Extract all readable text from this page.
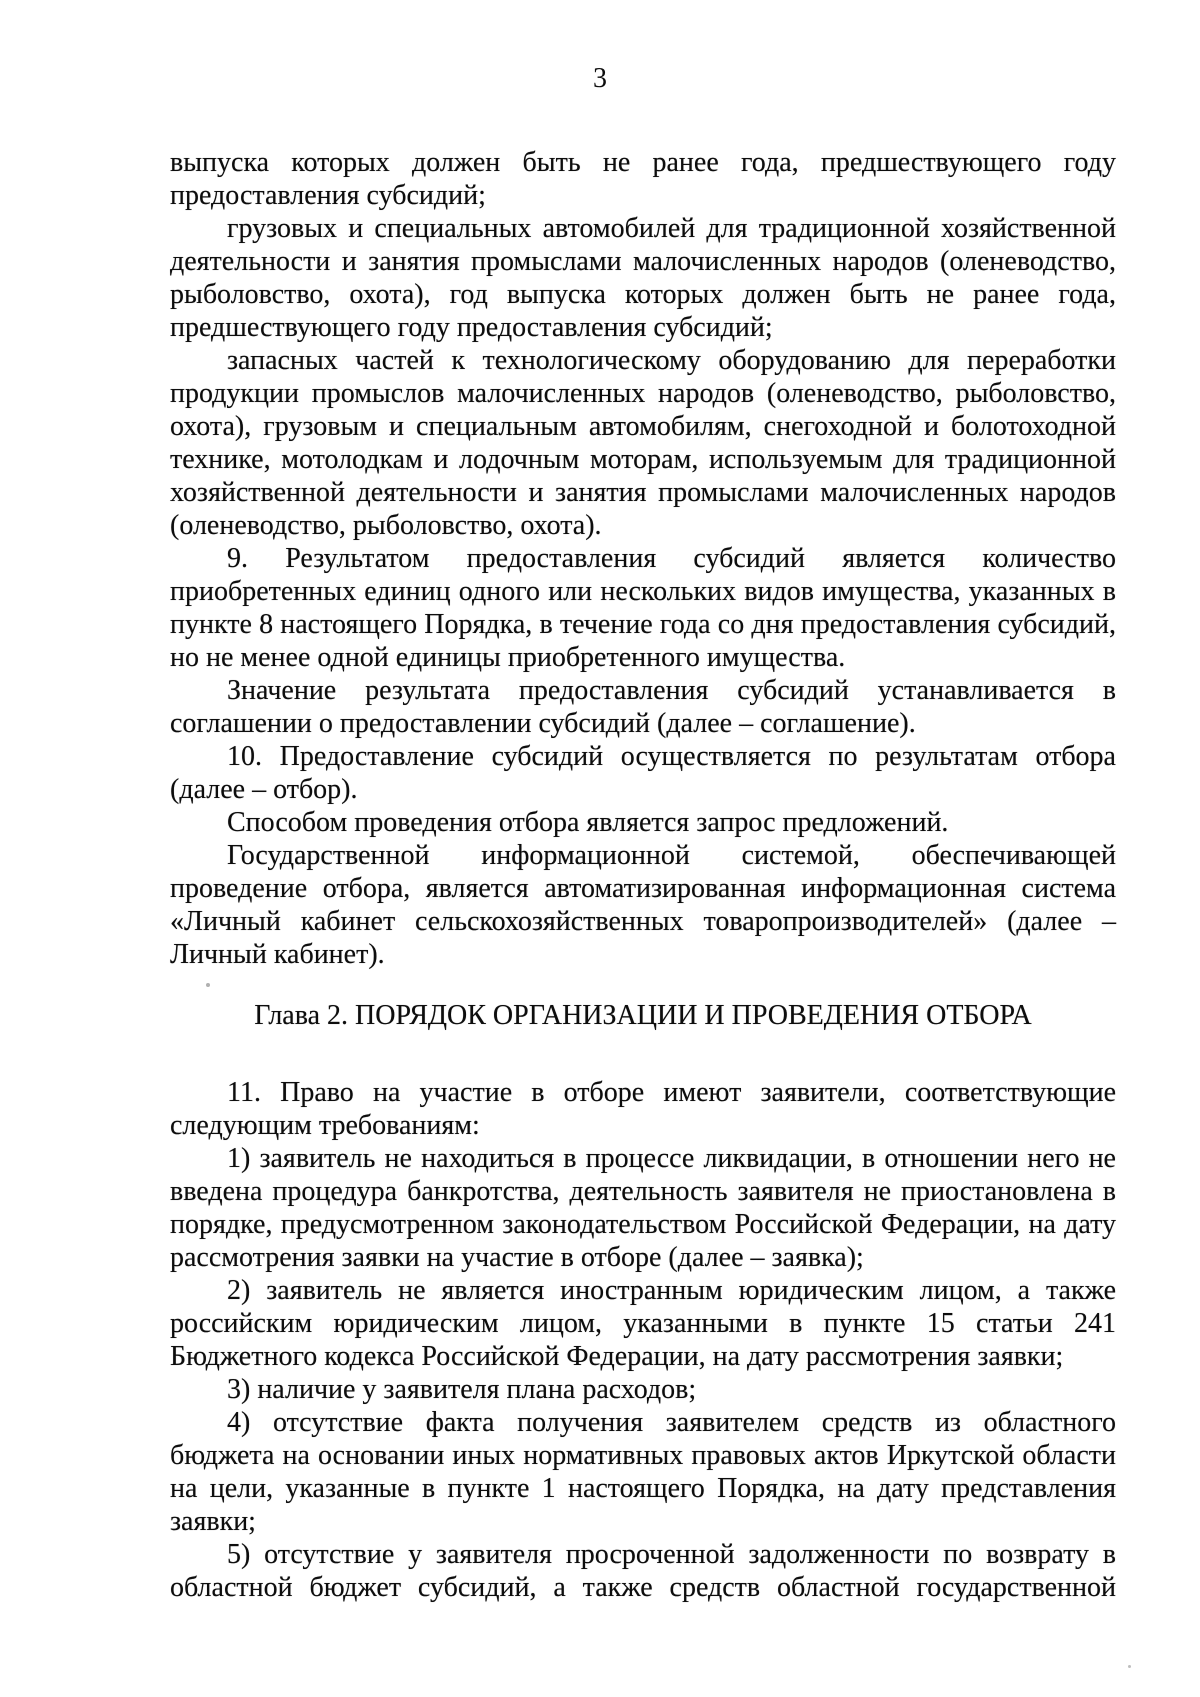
3

выпуска которых должен быть не ранее года, предшествующего году предоставления субсидий;

грузовых и специальных автомобилей для традиционной хозяйственной деятельности и занятия промыслами малочисленных народов (оленеводство, рыболовство, охота), год выпуска которых должен быть не ранее года, предшествующего году предоставления субсидий;

запасных частей к технологическому оборудованию для переработки продукции промыслов малочисленных народов (оленеводство, рыболовство, охота), грузовым и специальным автомобилям, снегоходной и болотоходной технике, мотолодкам и лодочным моторам, используемым для традиционной хозяйственной деятельности и занятия промыслами малочисленных народов (оленеводство, рыболовство, охота).

9. Результатом предоставления субсидий является количество приобретенных единиц одного или нескольких видов имущества, указанных в пункте 8 настоящего Порядка, в течение года со дня предоставления субсидий, но не менее одной единицы приобретенного имущества.

Значение результата предоставления субсидий устанавливается в соглашении о предоставлении субсидий (далее – соглашение).

10. Предоставление субсидий осуществляется по результатам отбора (далее – отбор).

Способом проведения отбора является запрос предложений.

Государственной информационной системой, обеспечивающей проведение отбора, является автоматизированная информационная система «Личный кабинет сельскохозяйственных товаропроизводителей» (далее – Личный кабинет).

Глава 2. ПОРЯДОК ОРГАНИЗАЦИИ И ПРОВЕДЕНИЯ ОТБОРА

11. Право на участие в отборе имеют заявители, соответствующие следующим требованиям:

1) заявитель не находиться в процессе ликвидации, в отношении него не введена процедура банкротства, деятельность заявителя не приостановлена в порядке, предусмотренном законодательством Российской Федерации, на дату рассмотрения заявки на участие в отборе (далее – заявка);

2) заявитель не является иностранным юридическим лицом, а также российским юридическим лицом, указанными в пункте 15 статьи 241 Бюджетного кодекса Российской Федерации, на дату рассмотрения заявки;

3) наличие у заявителя плана расходов;

4) отсутствие факта получения заявителем средств из областного бюджета на основании иных нормативных правовых актов Иркутской области на цели, указанные в пункте 1 настоящего Порядка, на дату представления заявки;

5) отсутствие у заявителя просроченной задолженности по возврату в областной бюджет субсидий, а также средств областной государственной
